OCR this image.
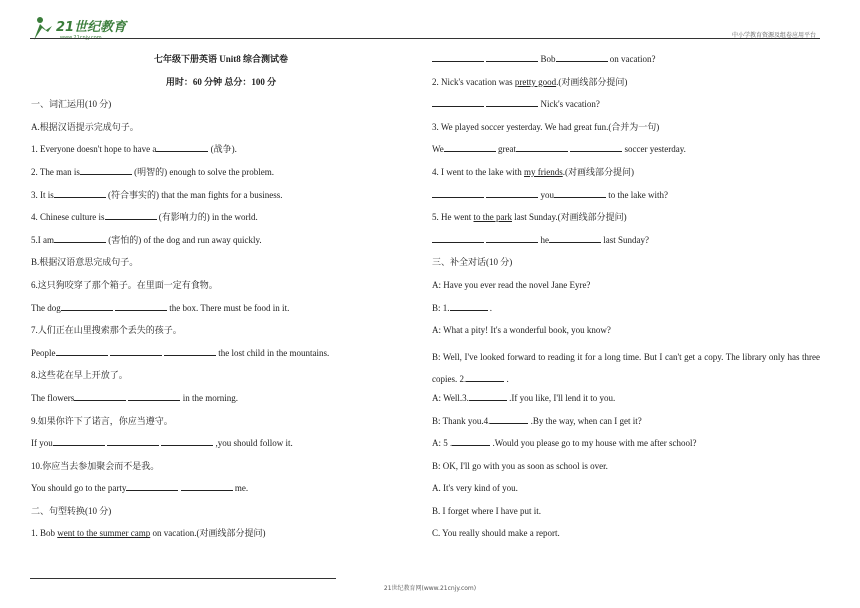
21世纪教育
www.21cnjy.com	中小学教育资源及组卷应用平台
七年级下册英语 Unit8 综合测试卷
用时：60 分钟 总分：100 分
一、词汇运用(10 分)
A.根据汉语提示完成句子。
1. Everyone doesn't hope to have a	(战争).
2. The man is	(明智的) enough to solve the problem.
3. It is	(符合事实的) that the man fights for a business.
4. Chinese culture is	(有影响力的) in the world.
5.I am	(害怕的) of the dog and run away quickly.
B.根据汉语意思完成句子。
6.这只狗咬穿了那个箱子。在里面一定有食物。
The dog	the box. There must be food in it.
7.人们正在山里搜索那个丢失的孩子。
People	the lost child in the mountains.
8.这些花在早上开放了。
The flowers	in the morning.
9.如果你许下了诺言，你应当遵守。
If you	,you should follow it.
10.你应当去参加聚会而不是我。
You should go to the party	me.
二、句型转换(10 分)
1. Bob went to the summer camp on vacation.(对画线部分提问)
Bob	on vacation?
2. Nick's vacation was pretty good.(对画线部分提问)
Nick's vacation?
3. We played soccer yesterday. We had great fun.(合并为一句)
We	great	soccer yesterday.
4. I went to the lake with my friends.(对画线部分提问)
you	to the lake with?
5. He went to the park last Sunday.(对画线部分提问)
he	last Sunday?
三、补全对话(10 分)
A: Have you ever read the novel Jane Eyre?
B: 1.	.
A: What a pity! It's a wonderful book, you know?
B: Well, I've looked forward to reading it for a long time. But I can't get a copy. The library only has three copies. 2.	.
A: Well.3.	.If you like, I'll lend it to you.
B: Thank you.4.	.By the way, when can I get it?
A: 5 .	.Would you please go to my house with me after school?
B: OK, I'll go with you as soon as school is over.
A. It's very kind of you.
B. I forget where I have put it.
C. You really should make a report.
21世纪教育网(www.21cnjy.com)
